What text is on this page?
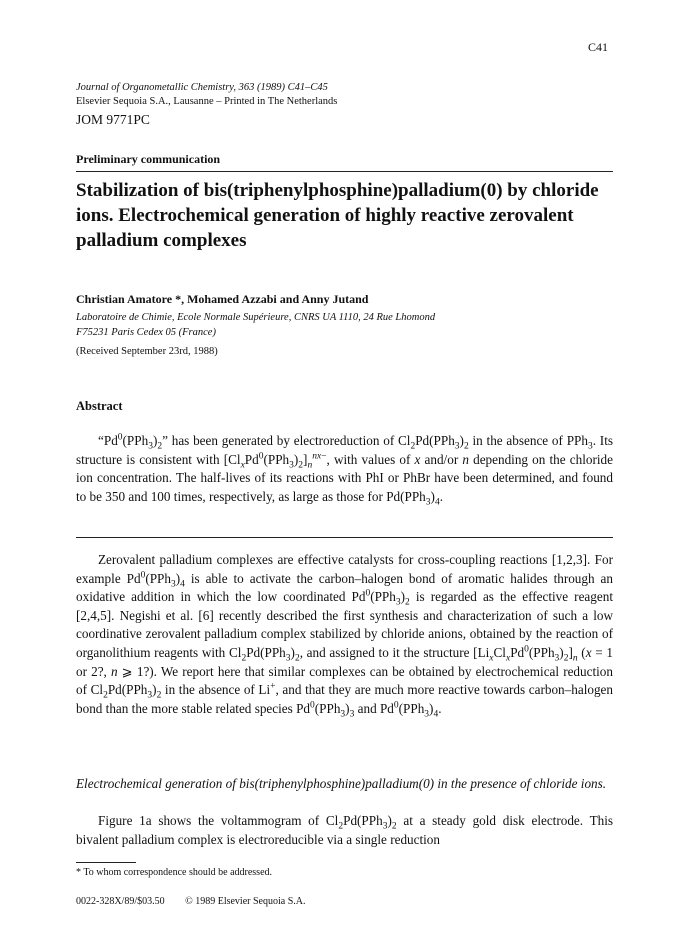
C41
Journal of Organometallic Chemistry, 363 (1989) C41–C45
Elsevier Sequoia S.A., Lausanne – Printed in The Netherlands
JOM 9771PC
Preliminary communication
Stabilization of bis(triphenylphosphine)palladium(0) by chloride ions. Electrochemical generation of highly reactive zerovalent palladium complexes
Christian Amatore *, Mohamed Azzabi and Anny Jutand
Laboratoire de Chimie, Ecole Normale Supérieure, CNRS UA 1110, 24 Rue Lhomond
F75231 Paris Cedex 05 (France)
(Received September 23rd, 1988)
Abstract

“$Pd^0(PPh_3)_2$” has been generated by electroreduction of $Cl_2Pd(PPh_3)_2$ in the absence of PPh$_3$. Its structure is consistent with $[Cl_xPd^0(PPh_3)_2]_n^{nx-}$, with values of x and/or n depending on the chloride ion concentration. The half-lives of its reactions with PhI or PhBr have been determined, and found to be 350 and 100 times, respectively, as large as those for $Pd(PPh_3)_4$.

Zerovalent palladium complexes are effective catalysts for cross-coupling reactions [1,2,3]. For example $Pd^0(PPh_3)_4$ is able to activate the carbon–halogen bond of aromatic halides through an oxidative addition in which the low coordinated $Pd^0(PPh_3)_2$ is regarded as the effective reagent [2,4,5]. Negishi et al. [6] recently described the first synthesis and characterization of such a low coordinative zerovalent palladium complex stabilized by chloride anions, obtained by the reaction of organolithium reagents with $Cl_2Pd(PPh_3)_2$, and assigned to it the structure $[Li_xCl_xPd^0(PPh_3)_2]_n$ (x = 1 or 2?, n ⩾ 1?). We report here that similar complexes can be obtained by electrochemical reduction of $Cl_2Pd(PPh_3)_2$ in the absence of Li+, and that they are much more reactive towards carbon–halogen bond than the more stable related species $Pd^0(PPh_3)_3$ and $Pd^0(PPh_3)_4$.

Electrochemical generation of bis(triphenylphosphine)palladium(0) in the presence of chloride ions.

Figure 1a shows the voltammogram of $Cl_2Pd(PPh_3)_2$ at a steady gold disk electrode. This bivalent palladium complex is electroreducible via a single reduction

* To whom correspondence should be addressed.
0022-328X/89/$03.50 © 1989 Elsevier Sequoia S.A.
